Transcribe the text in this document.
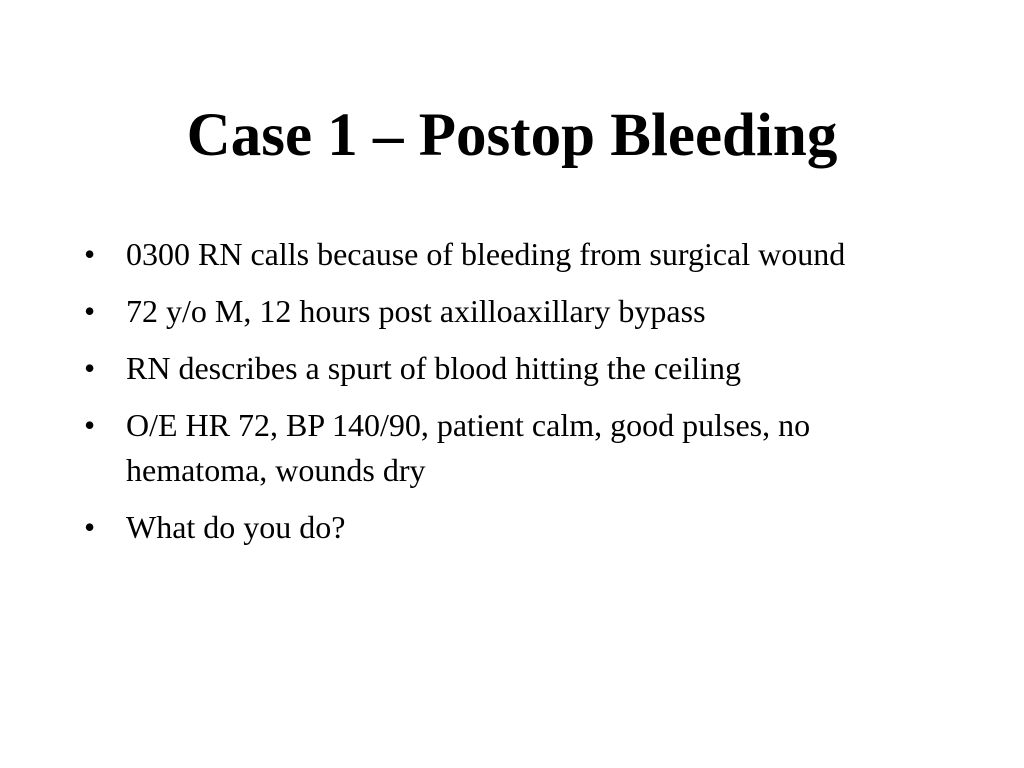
Case 1 – Postop Bleeding
• 0300 RN calls because of bleeding from surgical wound
• 72 y/o M, 12 hours post axilloaxillary bypass
• RN describes a spurt of blood hitting the ceiling
• O/E HR 72, BP 140/90, patient calm, good pulses, no hematoma, wounds dry
• What do you do?
